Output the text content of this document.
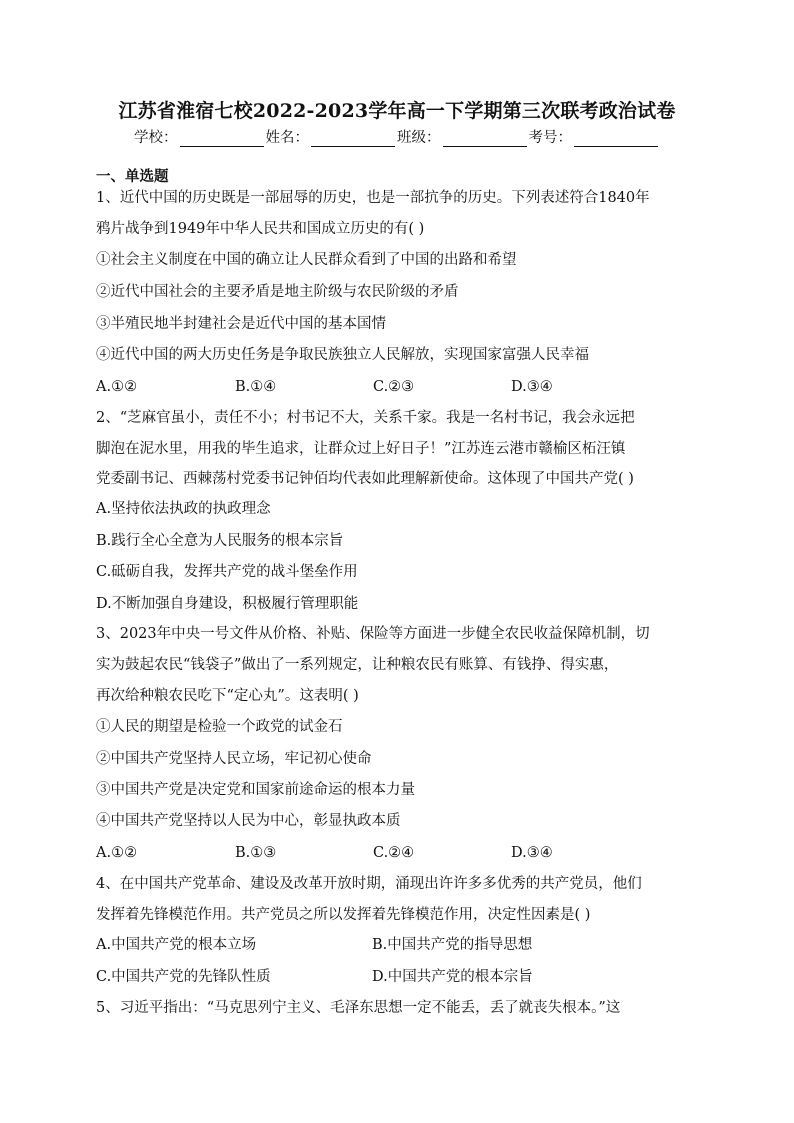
江苏省淮宿七校2022-2023学年高一下学期第三次联考政治试卷
学校：	姓名：	班级：	考号：
一、单选题
1、近代中国的历史既是一部屈辱的历史，也是一部抗争的历史。下列表述符合1840年
鸦片战争到1949年中华人民共和国成立历史的有( )
①社会主义制度在中国的确立让人民群众看到了中国的出路和希望
②近代中国社会的主要矛盾是地主阶级与农民阶级的矛盾
③半殖民地半封建社会是近代中国的基本国情
④近代中国的两大历史任务是争取民族独立人民解放，实现国家富强人民幸福
A.①②	B.①④	C.②③	D.③④
2、“芝麻官虽小，责任不小；村书记不大，关系千家。我是一名村书记，我会永远把
脚泡在泥水里，用我的毕生追求，让群众过上好日子！”江苏连云港市赣榆区柘汪镇
党委副书记、西棘荡村党委书记钟佰均代表如此理解新使命。这体现了中国共产党( )
A.坚持依法执政的执政理念
B.践行全心全意为人民服务的根本宗旨
C.砥砺自我，发挥共产党的战斗堡垒作用
D.不断加强自身建设，积极履行管理职能
3、2023年中央一号文件从价格、补贴、保险等方面进一步健全农民收益保障机制，切
实为鼓起农民“钱袋子”做出了一系列规定，让种粮农民有账算、有钱挣、得实惠，
再次给种粮农民吃下“定心丸”。这表明( )
①人民的期望是检验一个政党的试金石
②中国共产党坚持人民立场，牢记初心使命
③中国共产党是决定党和国家前途命运的根本力量
④中国共产党坚持以人民为中心，彰显执政本质
A.①②	B.①③	C.②④	D.③④
4、在中国共产党革命、建设及改革开放时期，涌现出许许多多优秀的共产党员，他们
发挥着先锋模范作用。共产党员之所以发挥着先锋模范作用，决定性因素是( )
A.中国共产党的根本立场	B.中国共产党的指导思想
C.中国共产党的先锋队性质	D.中国共产党的根本宗旨
5、习近平指出：“马克思列宁主义、毛泽东思想一定不能丢，丢了就丧失根本。”这
